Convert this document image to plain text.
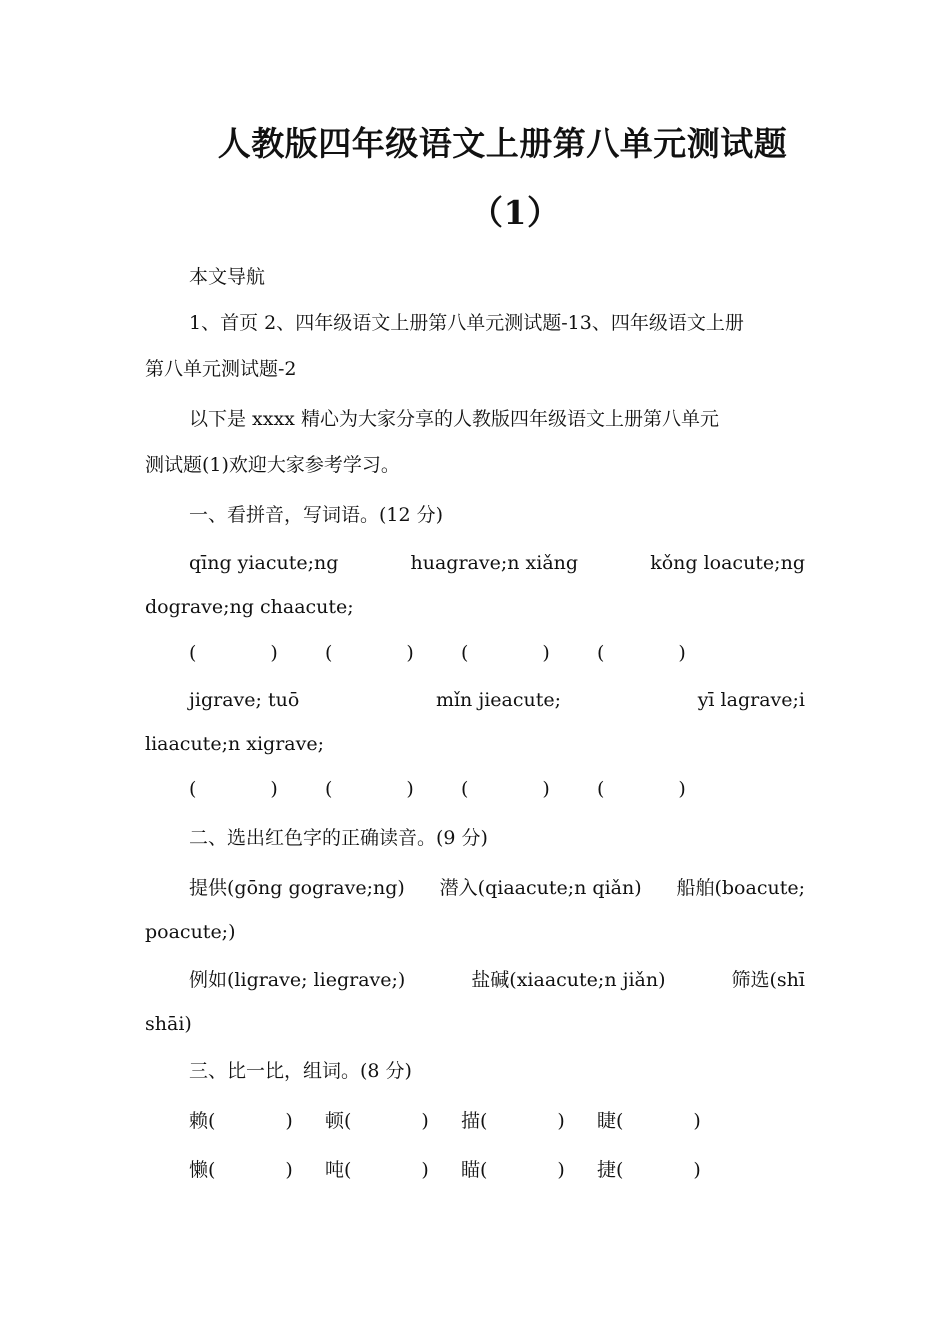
人教版四年级语文上册第八单元测试题
（1）

本文导航

1、首页 2、四年级语文上册第八单元测试题-13、四年级语文上册

第八单元测试题-2

以下是 xxxx 精心为大家分享的人教版四年级语文上册第八单元

测试题(1)欢迎大家参考学习。

一、看拼音，写词语。(12 分)

qīng yiacute;ng	huagrave;n xiǎng	kǒng loacute;ng

dograve;ng chaacute;

(	)	(	)	(	)	(	)
jigrave; tuō	mǐn jieacute;	yī lagrave;i

liaacute;n xigrave;

(	)	(	)	(	)	(	)

二、选出红色字的正确读音。(9 分)

提供(gōng gograve;ng) 潜入(qiaacute;n qiǎn) 船舶(boacute;

poacute;)

例如(ligrave; liegrave;)	盐碱(xiaacute;n jiǎn)	筛选(shī

shāi)

三、比一比，组词。(8 分)

赖(	)	顿(	)	描(	)	睫(	)
懒(	)	吨(	)	瞄(	)	捷(	)
